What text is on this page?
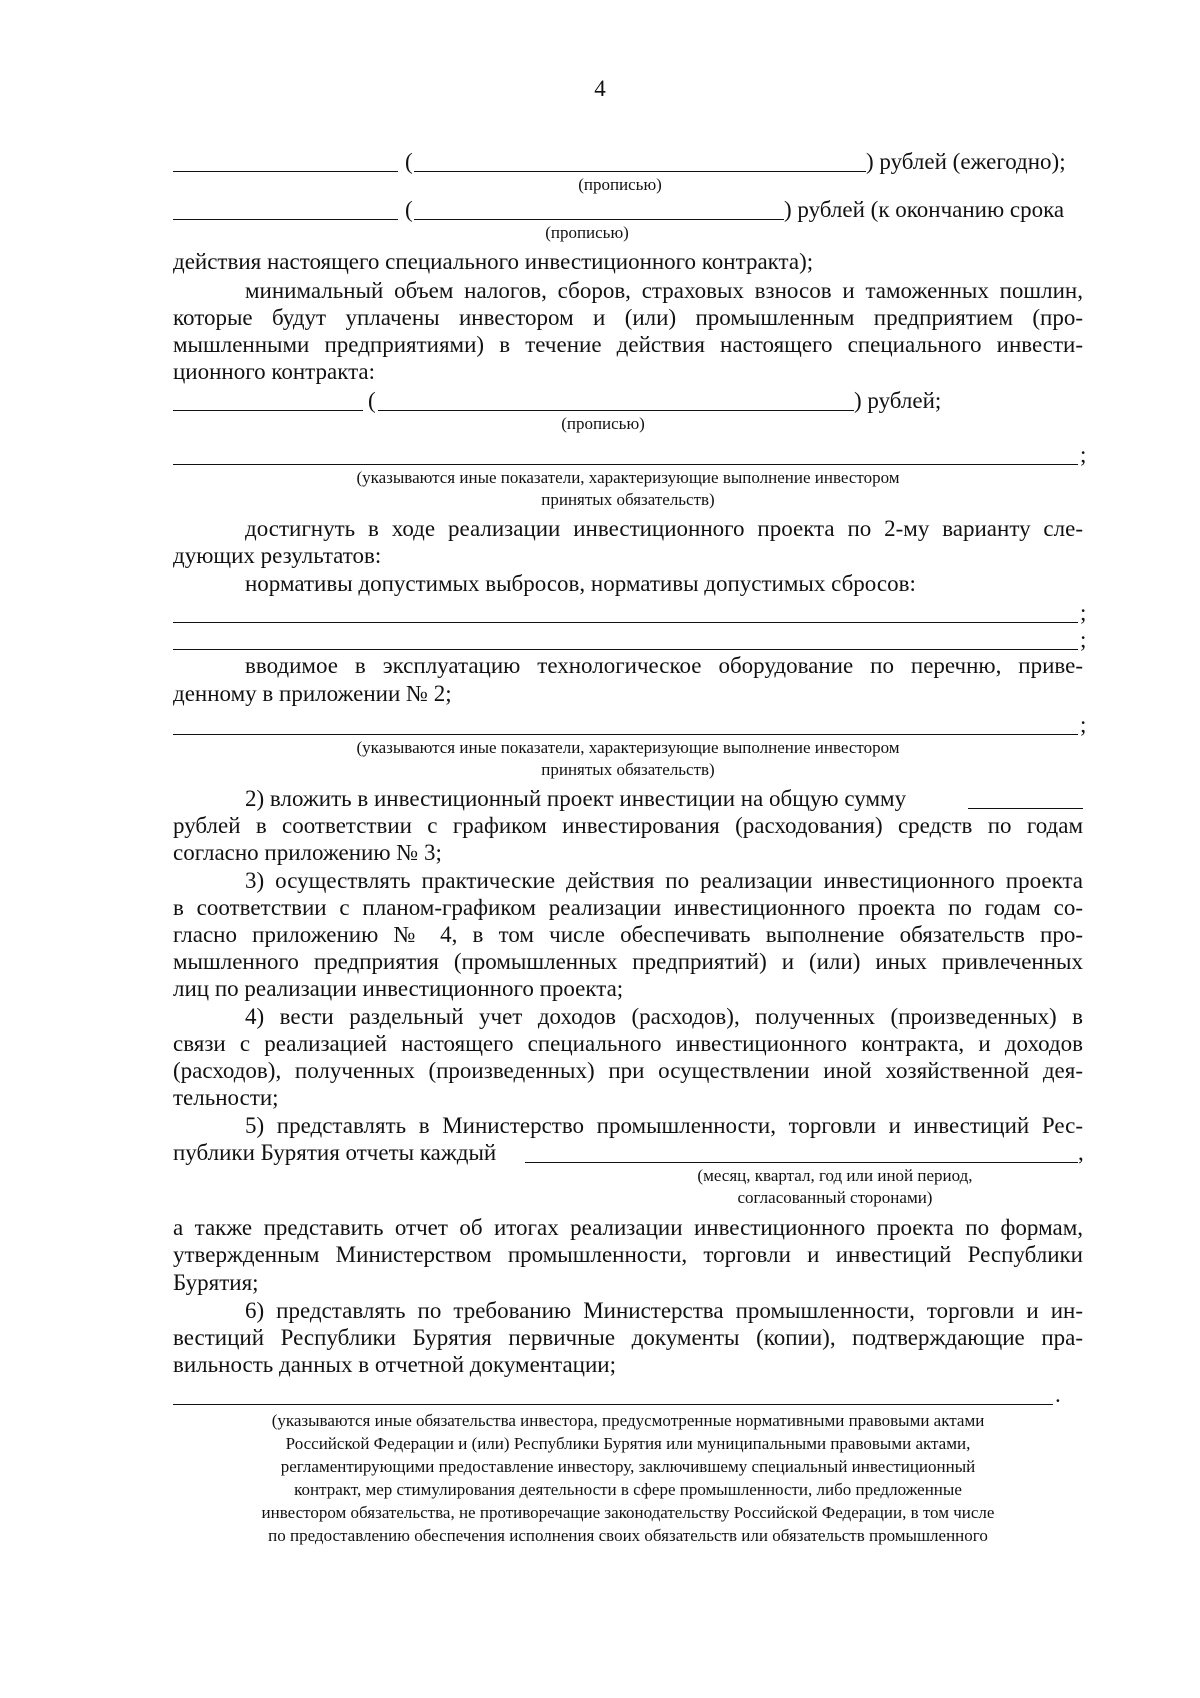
4
(	) рублей (ежегодно);
(прописью)
(	) рублей (к окончанию срока
(прописью)
действия настоящего специального инвестиционного контракта);
минимальный объем налогов, сборов, страховых взносов и таможенных пошлин,
которые будут уплачены инвестором и (или) промышленным предприятием (про-
мышленными предприятиями) в течение действия настоящего специального инвести-
ционного контракта:
(	) рублей;
(прописью)
;
(указываются иные показатели, характеризующие выполнение инвестором
принятых обязательств)
достигнуть в ходе реализации инвестиционного проекта по 2-му варианту сле-
дующих результатов:
нормативы допустимых выбросов, нормативы допустимых сбросов:
;
;
вводимое в эксплуатацию технологическое оборудование по перечню, приве-
денному в приложении № 2;
;
(указываются иные показатели, характеризующие выполнение инвестором
принятых обязательств)
2) вложить в инвестиционный проект инвестиции на общую сумму
рублей в соответствии с графиком инвестирования (расходования) средств по годам
согласно приложению № 3;
3) осуществлять практические действия по реализации инвестиционного проекта
в соответствии с планом-графиком реализации инвестиционного проекта по годам со-
гласно приложению № 4, в том числе обеспечивать выполнение обязательств про-
мышленного предприятия (промышленных предприятий) и (или) иных привлеченных
лиц по реализации инвестиционного проекта;
4) вести раздельный учет доходов (расходов), полученных (произведенных) в
связи с реализацией настоящего специального инвестиционного контракта, и доходов
(расходов), полученных (произведенных) при осуществлении иной хозяйственной дея-
тельности;
5) представлять в Министерство промышленности, торговли и инвестиций Рес-
публики Бурятия отчеты каждый	,
(месяц, квартал, год или иной период,
согласованный сторонами)
а также представить отчет об итогах реализации инвестиционного проекта по формам,
утвержденным Министерством промышленности, торговли и инвестиций Республики
Бурятия;
6) представлять по требованию Министерства промышленности, торговли и ин-
вестиций Республики Бурятия первичные документы (копии), подтверждающие пра-
вильность данных в отчетной документации;
.
(указываются иные обязательства инвестора, предусмотренные нормативными правовыми актами
Российской Федерации и (или) Республики Бурятия или муниципальными правовыми актами,
регламентирующими предоставление инвестору, заключившему специальный инвестиционный
контракт, мер стимулирования деятельности в сфере промышленности, либо предложенные
инвестором обязательства, не противоречащие законодательству Российской Федерации, в том числе
по предоставлению обеспечения исполнения своих обязательств или обязательств промышленного
